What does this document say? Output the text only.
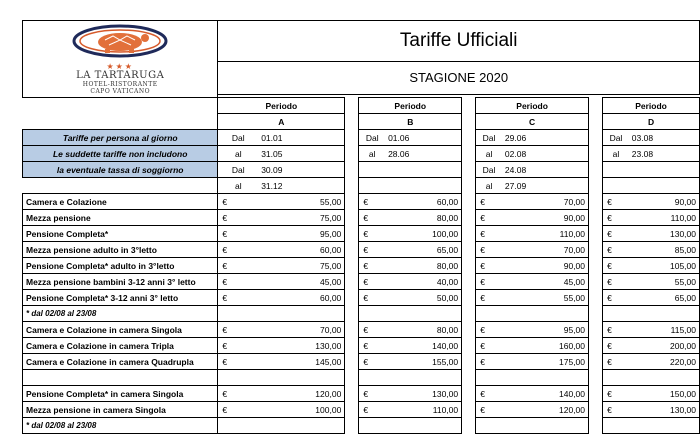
★★★
LA TARTARUGA
HOTEL-RISTORANTE
CAPO VATICANO	Tariffe Ufficiali										
	STAGIONE 2020										

	Periodo			Periodo			Periodo			Periodo	
	A			B			C			D	
Tariffe per persona al giorno	Dal	01.01		Dal	01.06		Dal	29.06		Dal	03.08
Le suddette tariffe non includono	al	31.05		al	28.06		al	02.08		al	23.08
la eventuale tassa di soggiorno	Dal	30.09					Dal	24.08			
	al	31.12					al	27.09			
Camera e Colazione	€	55,00		€	60,00		€	70,00		€	90,00
Mezza pensione	€	75,00		€	80,00		€	90,00		€	110,00
Pensione Completa*	€	95,00		€	100,00		€	110,00		€	130,00
Mezza pensione adulto in 3°letto	€	60,00		€	65,00		€	70,00		€	85,00
Pensione Completa* adulto in 3°letto	€	75,00		€	80,00		€	90,00		€	105,00
Mezza pensione bambini 3-12 anni 3° letto	€	45,00		€	40,00		€	45,00		€	55,00
Pensione Completa* 3-12 anni 3° letto	€	60,00		€	50,00		€	55,00		€	65,00
* dal 02/08 al 23/08											
Camera e Colazione in camera Singola	€	70,00		€	80,00		€	95,00		€	115,00
Camera e Colazione in camera Tripla	€	130,00		€	140,00		€	160,00		€	200,00
Camera e Colazione in camera Quadrupla	€	145,00		€	155,00		€	175,00		€	220,00

Pensione Completa* in camera Singola	€	120,00		€	130,00		€	140,00		€	150,00
Mezza pensione in camera Singola	€	100,00		€	110,00		€	120,00		€	130,00
* dal 02/08 al 23/08											
